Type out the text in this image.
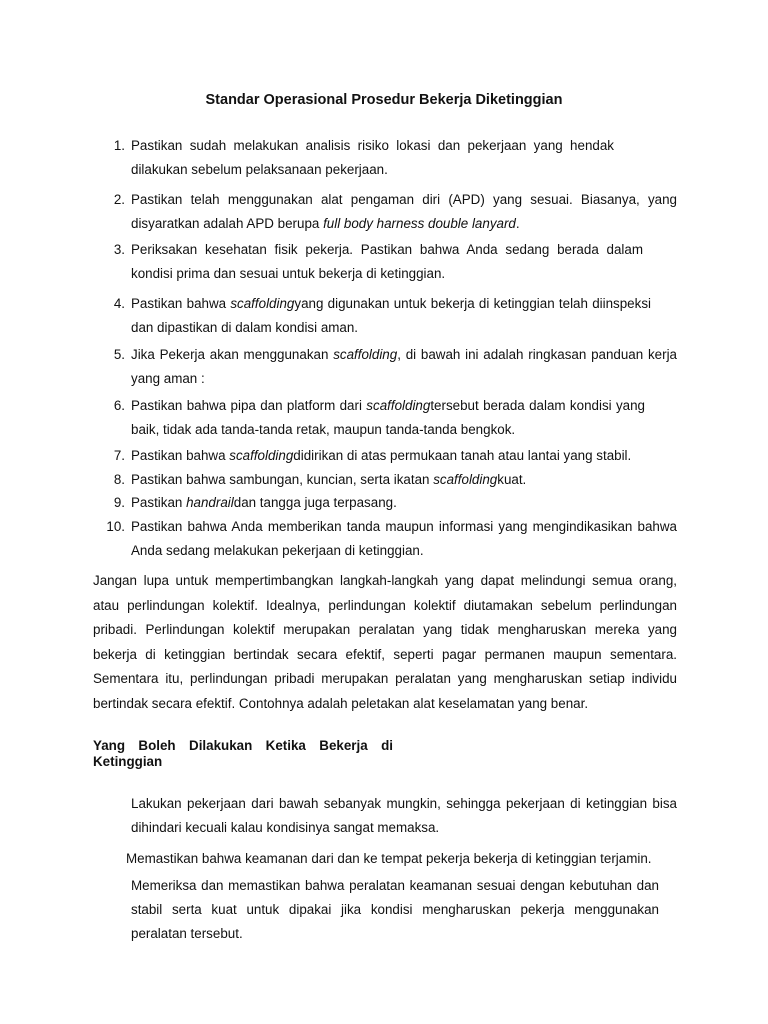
Standar Operasional Prosedur Bekerja Diketinggian
1. Pastikan sudah melakukan analisis risiko lokasi dan pekerjaan yang hendak dilakukan sebelum pelaksanaan pekerjaan.
2. Pastikan telah menggunakan alat pengaman diri (APD) yang sesuai. Biasanya, yang disyaratkan adalah APD berupa full body harness double lanyard.
3. Periksakan kesehatan fisik pekerja. Pastikan bahwa Anda sedang berada dalam kondisi prima dan sesuai untuk bekerja di ketinggian.
4. Pastikan bahwa scaffoldingyang digunakan untuk bekerja di ketinggian telah diinspeksi dan dipastikan di dalam kondisi aman.
5. Jika Pekerja akan menggunakan scaffolding, di bawah ini adalah ringkasan panduan kerja yang aman :
6. Pastikan bahwa pipa dan platform dari scaffoldingtersebut berada dalam kondisi yang baik, tidak ada tanda-tanda retak, maupun tanda-tanda bengkok.
7. Pastikan bahwa scaffoldingdidirikan di atas permukaan tanah atau lantai yang stabil.
8. Pastikan bahwa sambungan, kuncian, serta ikatan scaffoldingkuat.
9. Pastikan handraildan tangga juga terpasang.
10. Pastikan bahwa Anda memberikan tanda maupun informasi yang mengindikasikan bahwa Anda sedang melakukan pekerjaan di ketinggian.

Jangan lupa untuk mempertimbangkan langkah-langkah yang dapat melindungi semua orang, atau perlindungan kolektif. Idealnya, perlindungan kolektif diutamakan sebelum perlindungan pribadi. Perlindungan kolektif merupakan peralatan yang tidak mengharuskan mereka yang bekerja di ketinggian bertindak secara efektif, seperti pagar permanen maupun sementara. Sementara itu, perlindungan pribadi merupakan peralatan yang mengharuskan setiap individu bertindak secara efektif. Contohnya adalah peletakan alat keselamatan yang benar.

Yang Boleh Dilakukan Ketika Bekerja di
Ketinggian

Lakukan pekerjaan dari bawah sebanyak mungkin, sehingga pekerjaan di ketinggian bisa dihindari kecuali kalau kondisinya sangat memaksa.

Memastikan bahwa keamanan dari dan ke tempat pekerja bekerja di ketinggian terjamin.

Memeriksa dan memastikan bahwa peralatan keamanan sesuai dengan kebutuhan dan stabil serta kuat untuk dipakai jika kondisi mengharuskan pekerja menggunakan peralatan tersebut.
